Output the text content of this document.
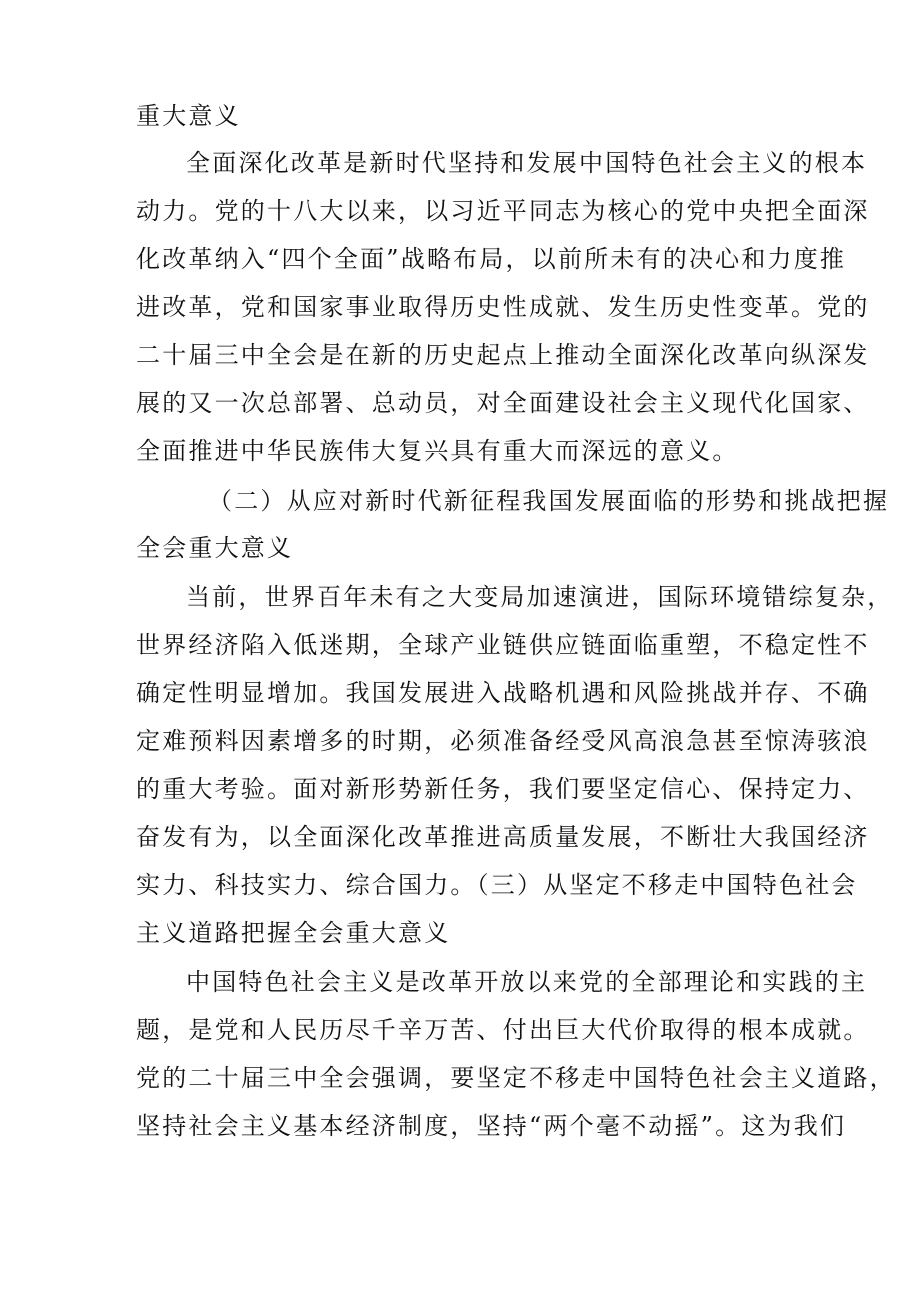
重大意义
全面深化改革是新时代坚持和发展中国特色社会主义的根本
动力。党的十八大以来，以习近平同志为核心的党中央把全面深
化改革纳入“四个全面”战略布局，以前所未有的决心和力度推
进改革，党和国家事业取得历史性成就、发生历史性变革。党的
二十届三中全会是在新的历史起点上推动全面深化改革向纵深发
展的又一次总部署、总动员，对全面建设社会主义现代化国家、
全面推进中华民族伟大复兴具有重大而深远的意义。
（二）从应对新时代新征程我国发展面临的形势和挑战把握
全会重大意义
当前，世界百年未有之大变局加速演进，国际环境错综复杂，
世界经济陷入低迷期，全球产业链供应链面临重塑，不稳定性不
确定性明显增加。我国发展进入战略机遇和风险挑战并存、不确
定难预料因素增多的时期，必须准备经受风高浪急甚至惊涛骇浪
的重大考验。面对新形势新任务，我们要坚定信心、保持定力、
奋发有为，以全面深化改革推进高质量发展，不断壮大我国经济
实力、科技实力、综合国力。（三）从坚定不移走中国特色社会
主义道路把握全会重大意义
中国特色社会主义是改革开放以来党的全部理论和实践的主
题，是党和人民历尽千辛万苦、付出巨大代价取得的根本成就。
党的二十届三中全会强调，要坚定不移走中国特色社会主义道路，
坚持社会主义基本经济制度，坚持“两个毫不动摇”。这为我们
